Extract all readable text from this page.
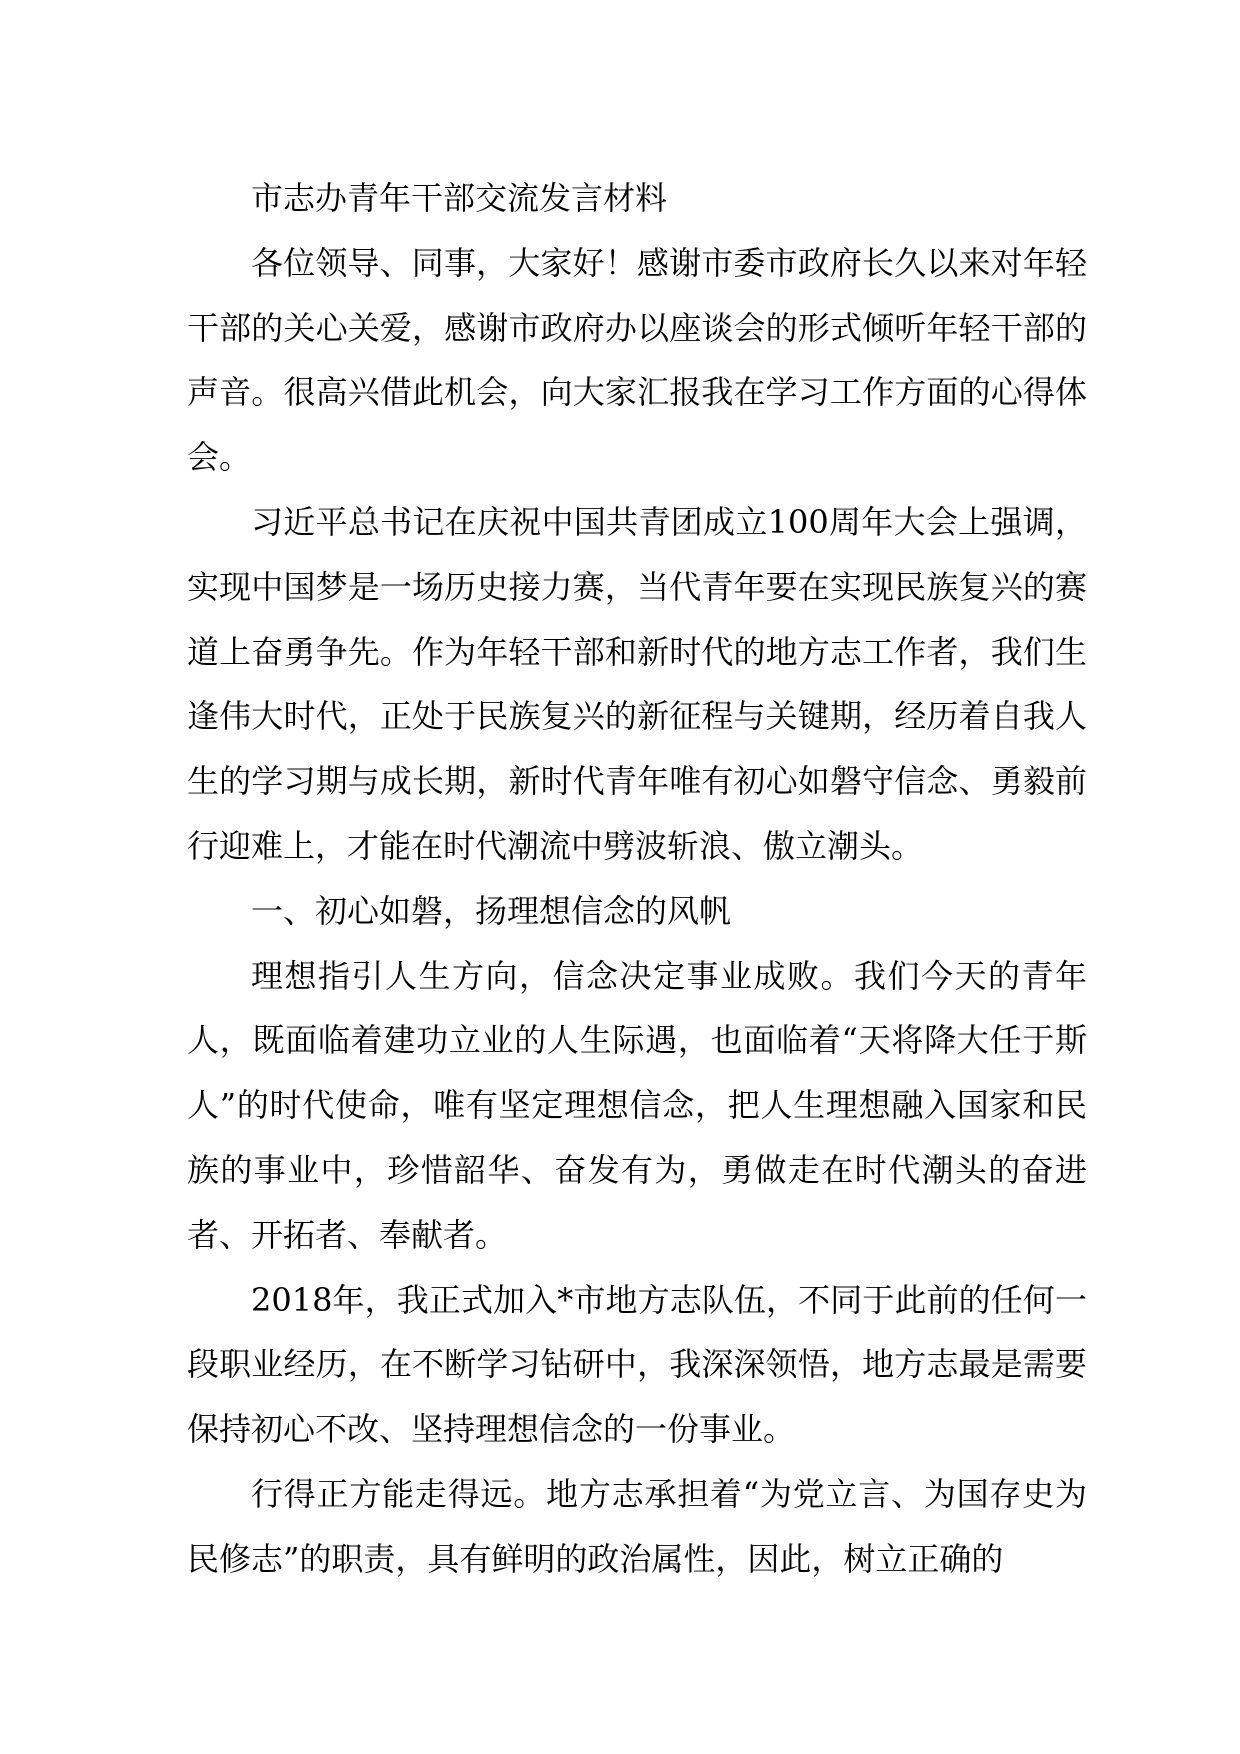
市志办青年干部交流发言材料

各位领导、同事，大家好！感谢市委市政府长久以来对年轻干部的关心关爱，感谢市政府办以座谈会的形式倾听年轻干部的声音。很高兴借此机会，向大家汇报我在学习工作方面的心得体会。

习近平总书记在庆祝中国共青团成立100周年大会上强调，实现中国梦是一场历史接力赛，当代青年要在实现民族复兴的赛道上奋勇争先。作为年轻干部和新时代的地方志工作者，我们生逢伟大时代，正处于民族复兴的新征程与关键期，经历着自我人生的学习期与成长期，新时代青年唯有初心如磐守信念、勇毅前行迎难上，才能在时代潮流中劈波斩浪、傲立潮头。

一、初心如磐，扬理想信念的风帆

理想指引人生方向，信念决定事业成败。我们今天的青年人，既面临着建功立业的人生际遇，也面临着“天将降大任于斯人”的时代使命，唯有坚定理想信念，把人生理想融入国家和民族的事业中，珍惜韶华、奋发有为，勇做走在时代潮头的奋进者、开拓者、奉献者。

2018年，我正式加入*市地方志队伍，不同于此前的任何一段职业经历，在不断学习钻研中，我深深领悟，地方志最是需要保持初心不改、坚持理想信念的一份事业。

行得正方能走得远。地方志承担着“为党立言、为国存史为民修志”的职责，具有鲜明的政治属性，因此，树立正确的
